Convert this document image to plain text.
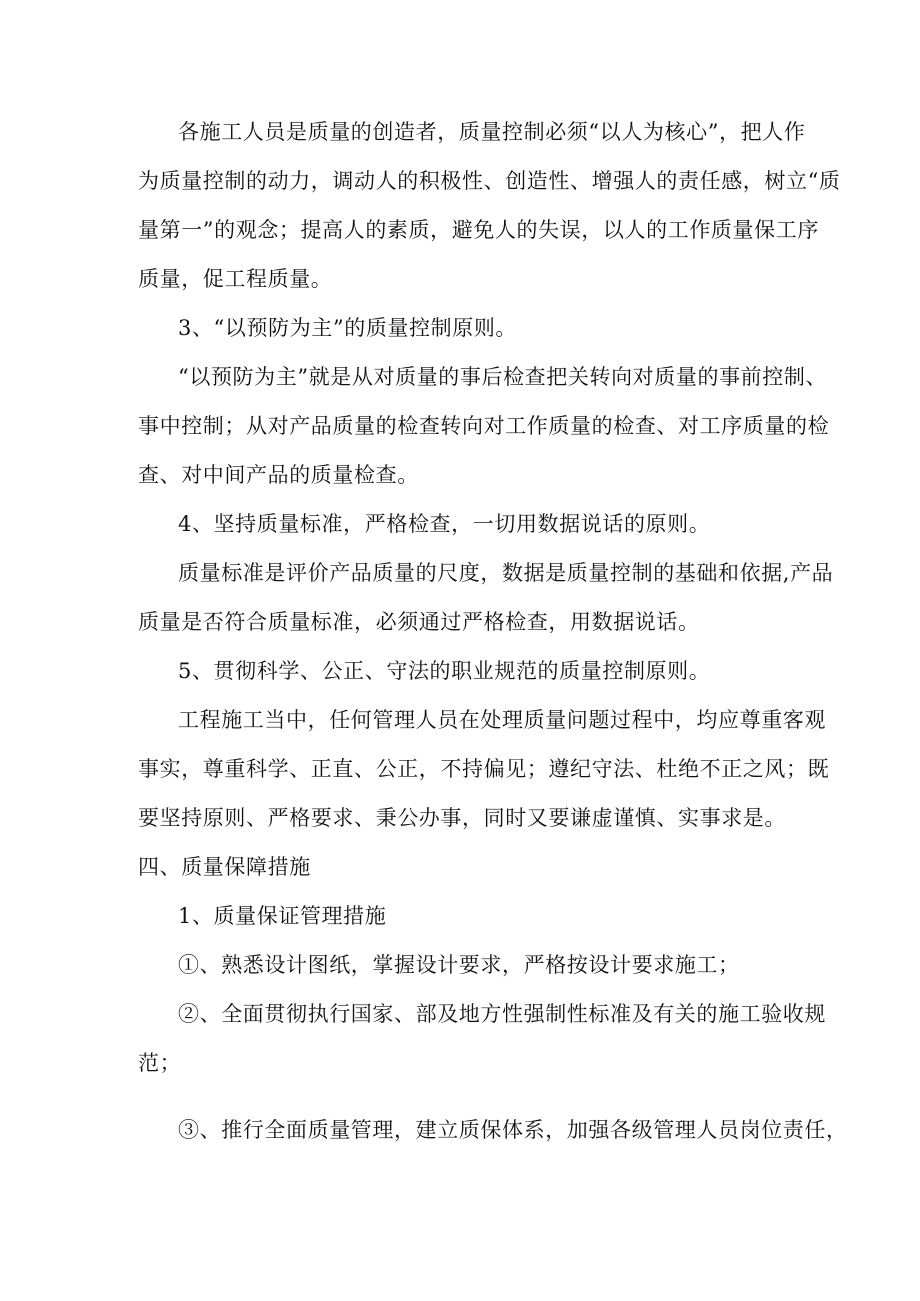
各施工人员是质量的创造者，质量控制必须“以人为核心”，把人作

为质量控制的动力，调动人的积极性、创造性、增强人的责任感，树立“质

量第一”的观念；提高人的素质，避免人的失误，以人的工作质量保工序

质量，促工程质量。

3、“以预防为主”的质量控制原则。

“以预防为主”就是从对质量的事后检查把关转向对质量的事前控制、

事中控制；从对产品质量的检查转向对工作质量的检查、对工序质量的检

查、对中间产品的质量检查。

4、坚持质量标准，严格检查，一切用数据说话的原则。

质量标准是评价产品质量的尺度，数据是质量控制的基础和依据,产品

质量是否符合质量标准，必须通过严格检查，用数据说话。

5、贯彻科学、公正、守法的职业规范的质量控制原则。

工程施工当中，任何管理人员在处理质量问题过程中，均应尊重客观

事实，尊重科学、正直、公正，不持偏见；遵纪守法、杜绝不正之风；既

要坚持原则、严格要求、秉公办事，同时又要谦虚谨慎、实事求是。

四、质量保障措施

1、质量保证管理措施

①、熟悉设计图纸，掌握设计要求，严格按设计要求施工；

②、全面贯彻执行国家、部及地方性强制性标准及有关的施工验收规

范；

③、推行全面质量管理，建立质保体系，加强各级管理人员岗位责任，
